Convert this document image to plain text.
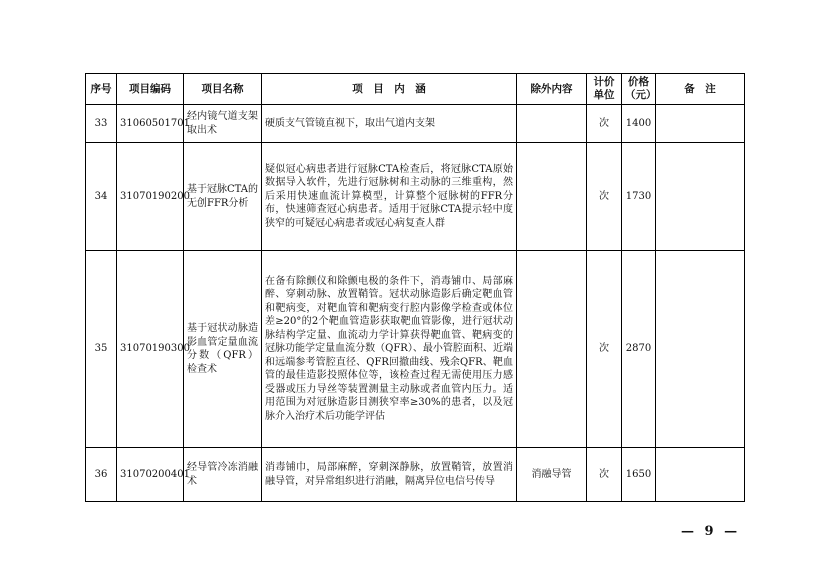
序号	项目编码	项目名称	项　目　内　涵	除外内容	计价单位	价格（元）	备　注
33	31060501701	经内镜气道支架取出术	硬质支气管镜直视下，取出气道内支架		次	1400	
34	31070190200	基于冠脉CTA的无创FFR分析	疑似冠心病患者进行冠脉CTA检查后，将冠脉CTA原始数据导入软件，先进行冠脉树和主动脉的三维重构，然后采用快速血流计算模型，计算整个冠脉树的FFR分布，快速筛查冠心病患者。适用于冠脉CTA提示轻中度狭窄的可疑冠心病患者或冠心病复查人群		次	1730	
35	31070190300	基于冠状动脉造影血管定量血流分数（QFR）检查术	在备有除颤仪和除颤电极的条件下，消毒铺巾、局部麻醉、穿刺动脉、放置鞘管。冠状动脉造影后确定靶血管和靶病变，对靶血管和靶病变行腔内影像学检查或体位差≥20°的2个靶血管造影获取靶血管影像，进行冠状动脉结构学定量、血流动力学计算获得靶血管、靶病变的冠脉功能学定量血流分数（QFR）、最小管腔面积、近端和远端参考管腔直径、QFR回撤曲线、残余QFR、靶血管的最佳造影投照体位等，该检查过程无需使用压力感受器或压力导丝等装置测量主动脉或者血管内压力。适用范围为对冠脉造影目测狭窄率≥30%的患者，以及冠脉介入治疗术后功能学评估		次	2870	
36	31070200401	经导管冷冻消融术	消毒铺巾，局部麻醉，穿刺深静脉，放置鞘管，放置消融导管，对异常组织进行消融，隔离异位电信号传导	消融导管	次	1650	
— 9 —
